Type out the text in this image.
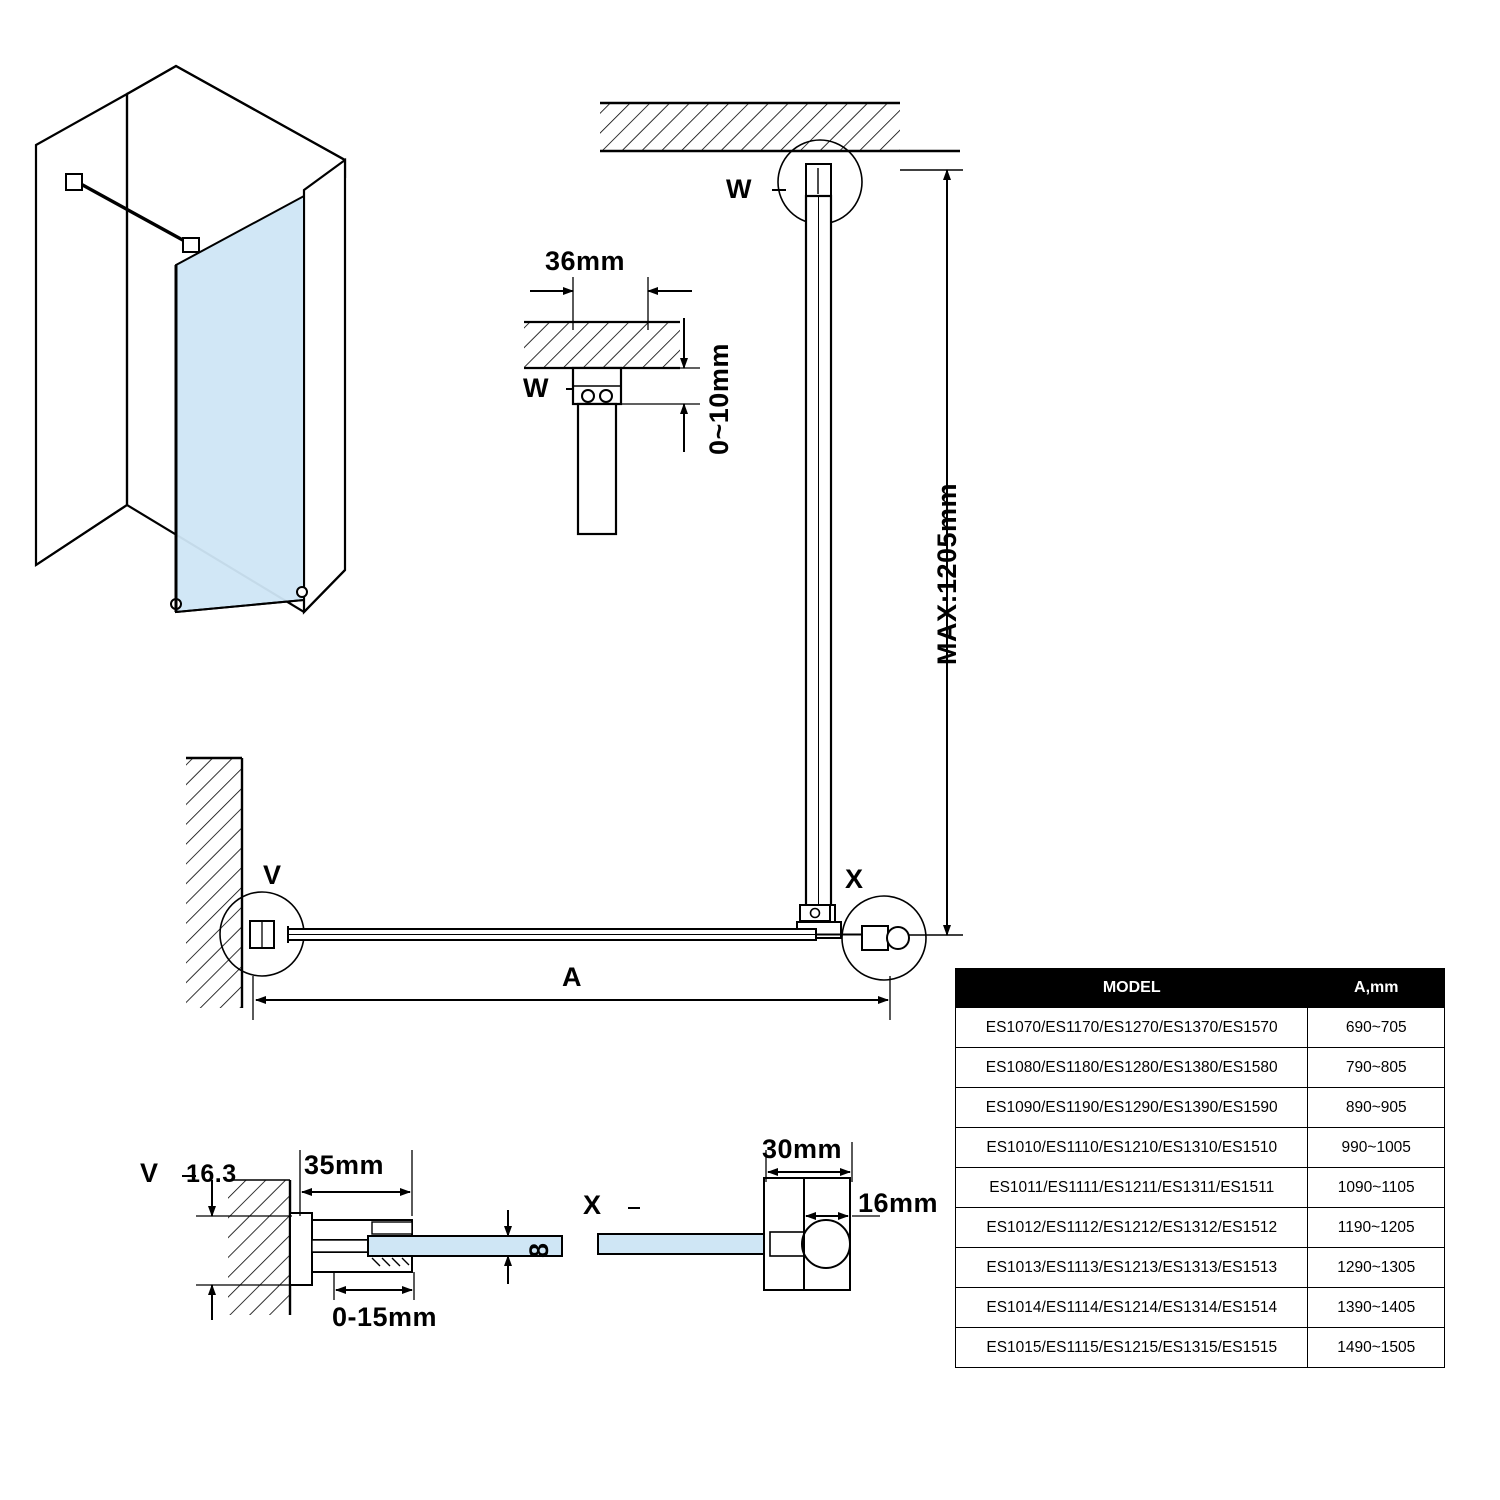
W
W
V	X
V
X
36mm
0~10mm
MAX:1205mm
A
35mm
16.3
0-15mm
8
30mm
16mm
MODEL	A,mm
ES1070/ES1170/ES1270/ES1370/ES1570	690~705
ES1080/ES1180/ES1280/ES1380/ES1580	790~805
ES1090/ES1190/ES1290/ES1390/ES1590	890~905
ES1010/ES1110/ES1210/ES1310/ES1510	990~1005
ES1011/ES1111/ES1211/ES1311/ES1511	1090~1105
ES1012/ES1112/ES1212/ES1312/ES1512	1190~1205
ES1013/ES1113/ES1213/ES1313/ES1513	1290~1305
ES1014/ES1114/ES1214/ES1314/ES1514	1390~1405
ES1015/ES1115/ES1215/ES1315/ES1515	1490~1505
